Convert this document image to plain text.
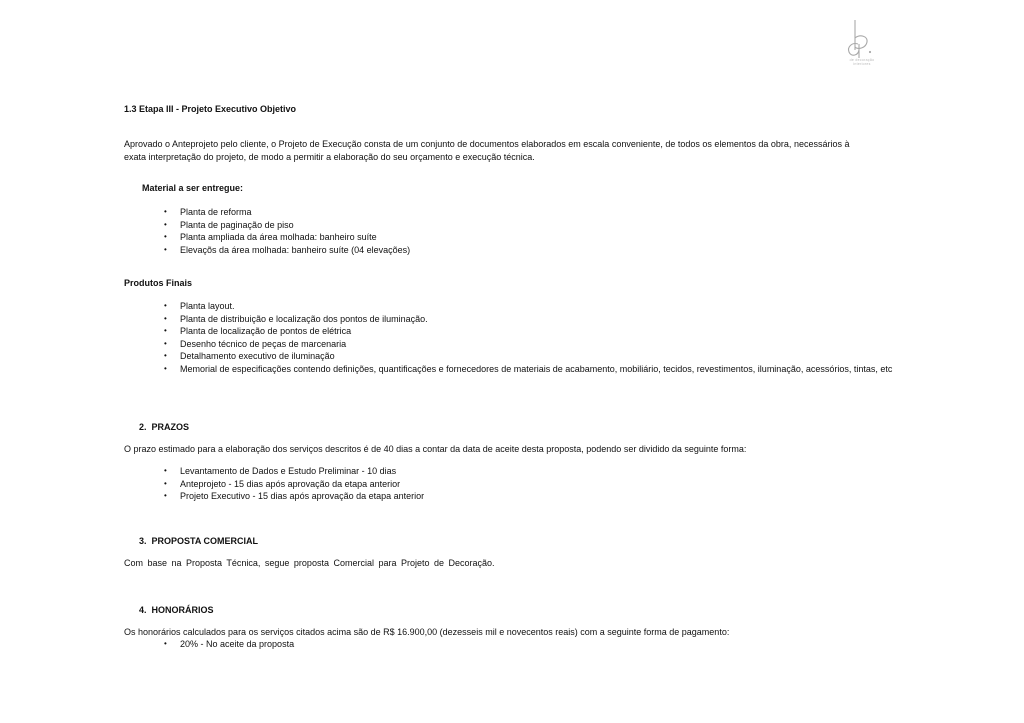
de decoração interiores
1.3 Etapa III - Projeto Executivo Objetivo
Aprovado o Anteprojeto pelo cliente, o Projeto de Execução consta de um conjunto de documentos elaborados em escala conveniente, de todos os elementos da obra, necessários à
exata interpretação do projeto, de modo a permitir a elaboração do seu orçamento e execução técnica.
Material a ser entregue:
• Planta de reforma
• Planta de paginação de piso
• Planta ampliada da área molhada: banheiro suíte
• Elevaçõs da área molhada: banheiro suíte (04 elevações)
Produtos Finais
• Planta layout.
• Planta de distribuição e localização dos pontos de iluminação.
• Planta de localização de pontos de elétrica
• Desenho técnico de peças de marcenaria
• Detalhamento executivo de iluminação
• Memorial de especificações contendo definições, quantificações e fornecedores de materiais de acabamento, mobiliário, tecidos, revestimentos, iluminação, acessórios, tintas, etc
2. PRAZOS
O prazo estimado para a elaboração dos serviços descritos é de 40 dias a contar da data de aceite desta proposta, podendo ser dividido da seguinte forma:
• Levantamento de Dados e Estudo Preliminar - 10 dias
• Anteprojeto - 15 dias após aprovação da etapa anterior
• Projeto Executivo - 15 dias após aprovação da etapa anterior
3. PROPOSTA COMERCIAL
Com base na Proposta Técnica, segue proposta Comercial para Projeto de Decoração.
4. HONORÁRIOS
Os honorários calculados para os serviços citados acima são de R$ 16.900,00 (dezesseis mil e novecentos reais) com a seguinte forma de pagamento:
• 20% - No aceite da proposta
